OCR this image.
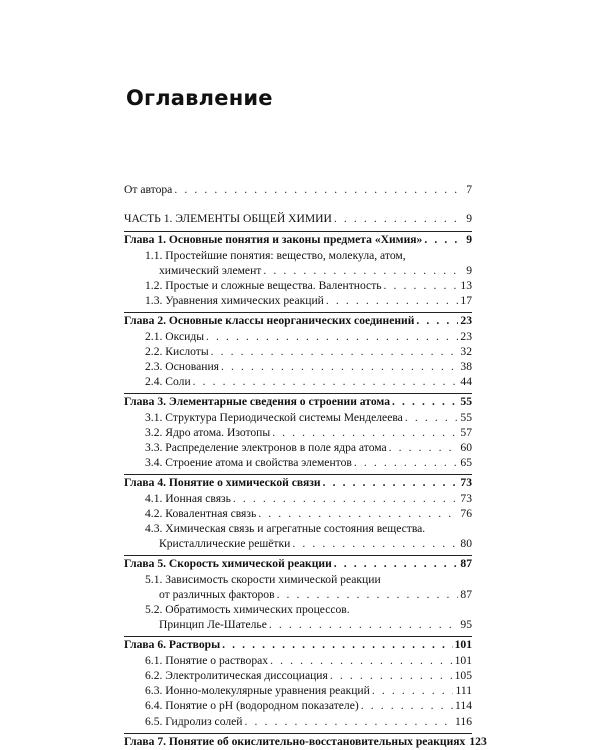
Оглавление
От автора . . .	7
ЧАСТЬ 1. ЭЛЕМЕНТЫ ОБЩЕЙ ХИМИИ . . .	9
Глава 1. Основные понятия и законы предмета «Химия» . . .	9
1.1. Простейшие понятия: вещество, молекула, атом,
химический элемент . . .	9
1.2. Простые и сложные вещества. Валентность . . .	13
1.3. Уравнения химических реакций . . .	17
Глава 2. Основные классы неорганических соединений . . .	23
2.1. Оксиды . . .	23
2.2. Кислоты . . .	32
2.3. Основания . . .	38
2.4. Соли . . .	44
Глава 3. Элементарные сведения о строении атома . . .	55
3.1. Структура Периодической системы Менделеева . . .	55
3.2. Ядро атома. Изотопы . . .	57
3.3. Распределение электронов в поле ядра атома . . .	60
3.4. Строение атома и свойства элементов . . .	65
Глава 4. Понятие о химической связи . . .	73
4.1. Ионная связь . . .	73
4.2. Ковалентная связь . . .	76
4.3. Химическая связь и агрегатные состояния вещества.
Кристаллические решётки . . .	80
Глава 5. Скорость химической реакции . . .	87
5.1. Зависимость скорости химической реакции
от различных факторов . . .	87
5.2. Обратимость химических процессов.
Принцип Ле-Шателье . . .	95
Глава 6. Растворы . . .	101
6.1. Понятие о растворах . . .	101
6.2. Электролитическая диссоциация . . .	105
6.3. Ионно-молекулярные уравнения реакций . . .	111
6.4. Понятие о рН (водородном показателе) . . .	114
6.5. Гидролиз солей . . .	116
Глава 7. Понятие об окислительно-восстановительных реакциях 123
